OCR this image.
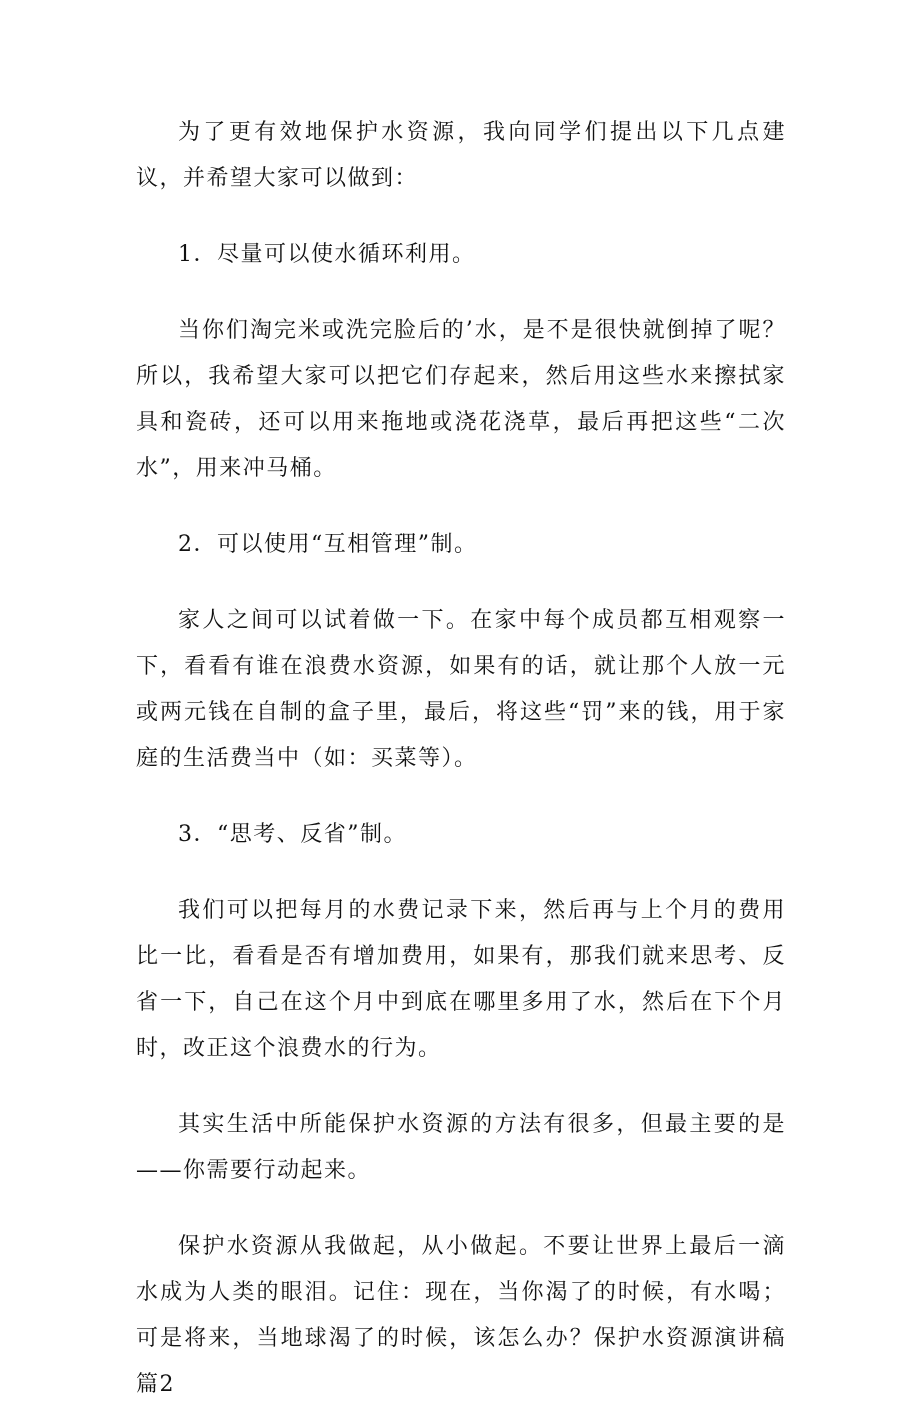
为了更有效地保护水资源，我向同学们提出以下几点建议，并希望大家可以做到：

1．尽量可以使水循环利用。

当你们淘完米或洗完脸后的’水，是不是很快就倒掉了呢？所以，我希望大家可以把它们存起来，然后用这些水来擦拭家具和瓷砖，还可以用来拖地或浇花浇草，最后再把这些“二次水”，用来冲马桶。

2．可以使用“互相管理”制。

家人之间可以试着做一下。在家中每个成员都互相观察一下，看看有谁在浪费水资源，如果有的话，就让那个人放一元或两元钱在自制的盒子里，最后，将这些“罚”来的钱，用于家庭的生活费当中（如：买菜等）。

3．“思考、反省”制。

我们可以把每月的水费记录下来，然后再与上个月的费用比一比，看看是否有增加费用，如果有，那我们就来思考、反省一下，自己在这个月中到底在哪里多用了水，然后在下个月时，改正这个浪费水的行为。

其实生活中所能保护水资源的方法有很多，但最主要的是——你需要行动起来。

保护水资源从我做起，从小做起。不要让世界上最后一滴水成为人类的眼泪。记住：现在，当你渴了的时候，有水喝；可是将来，当地球渴了的时候，该怎么办？保护水资源演讲稿篇2
